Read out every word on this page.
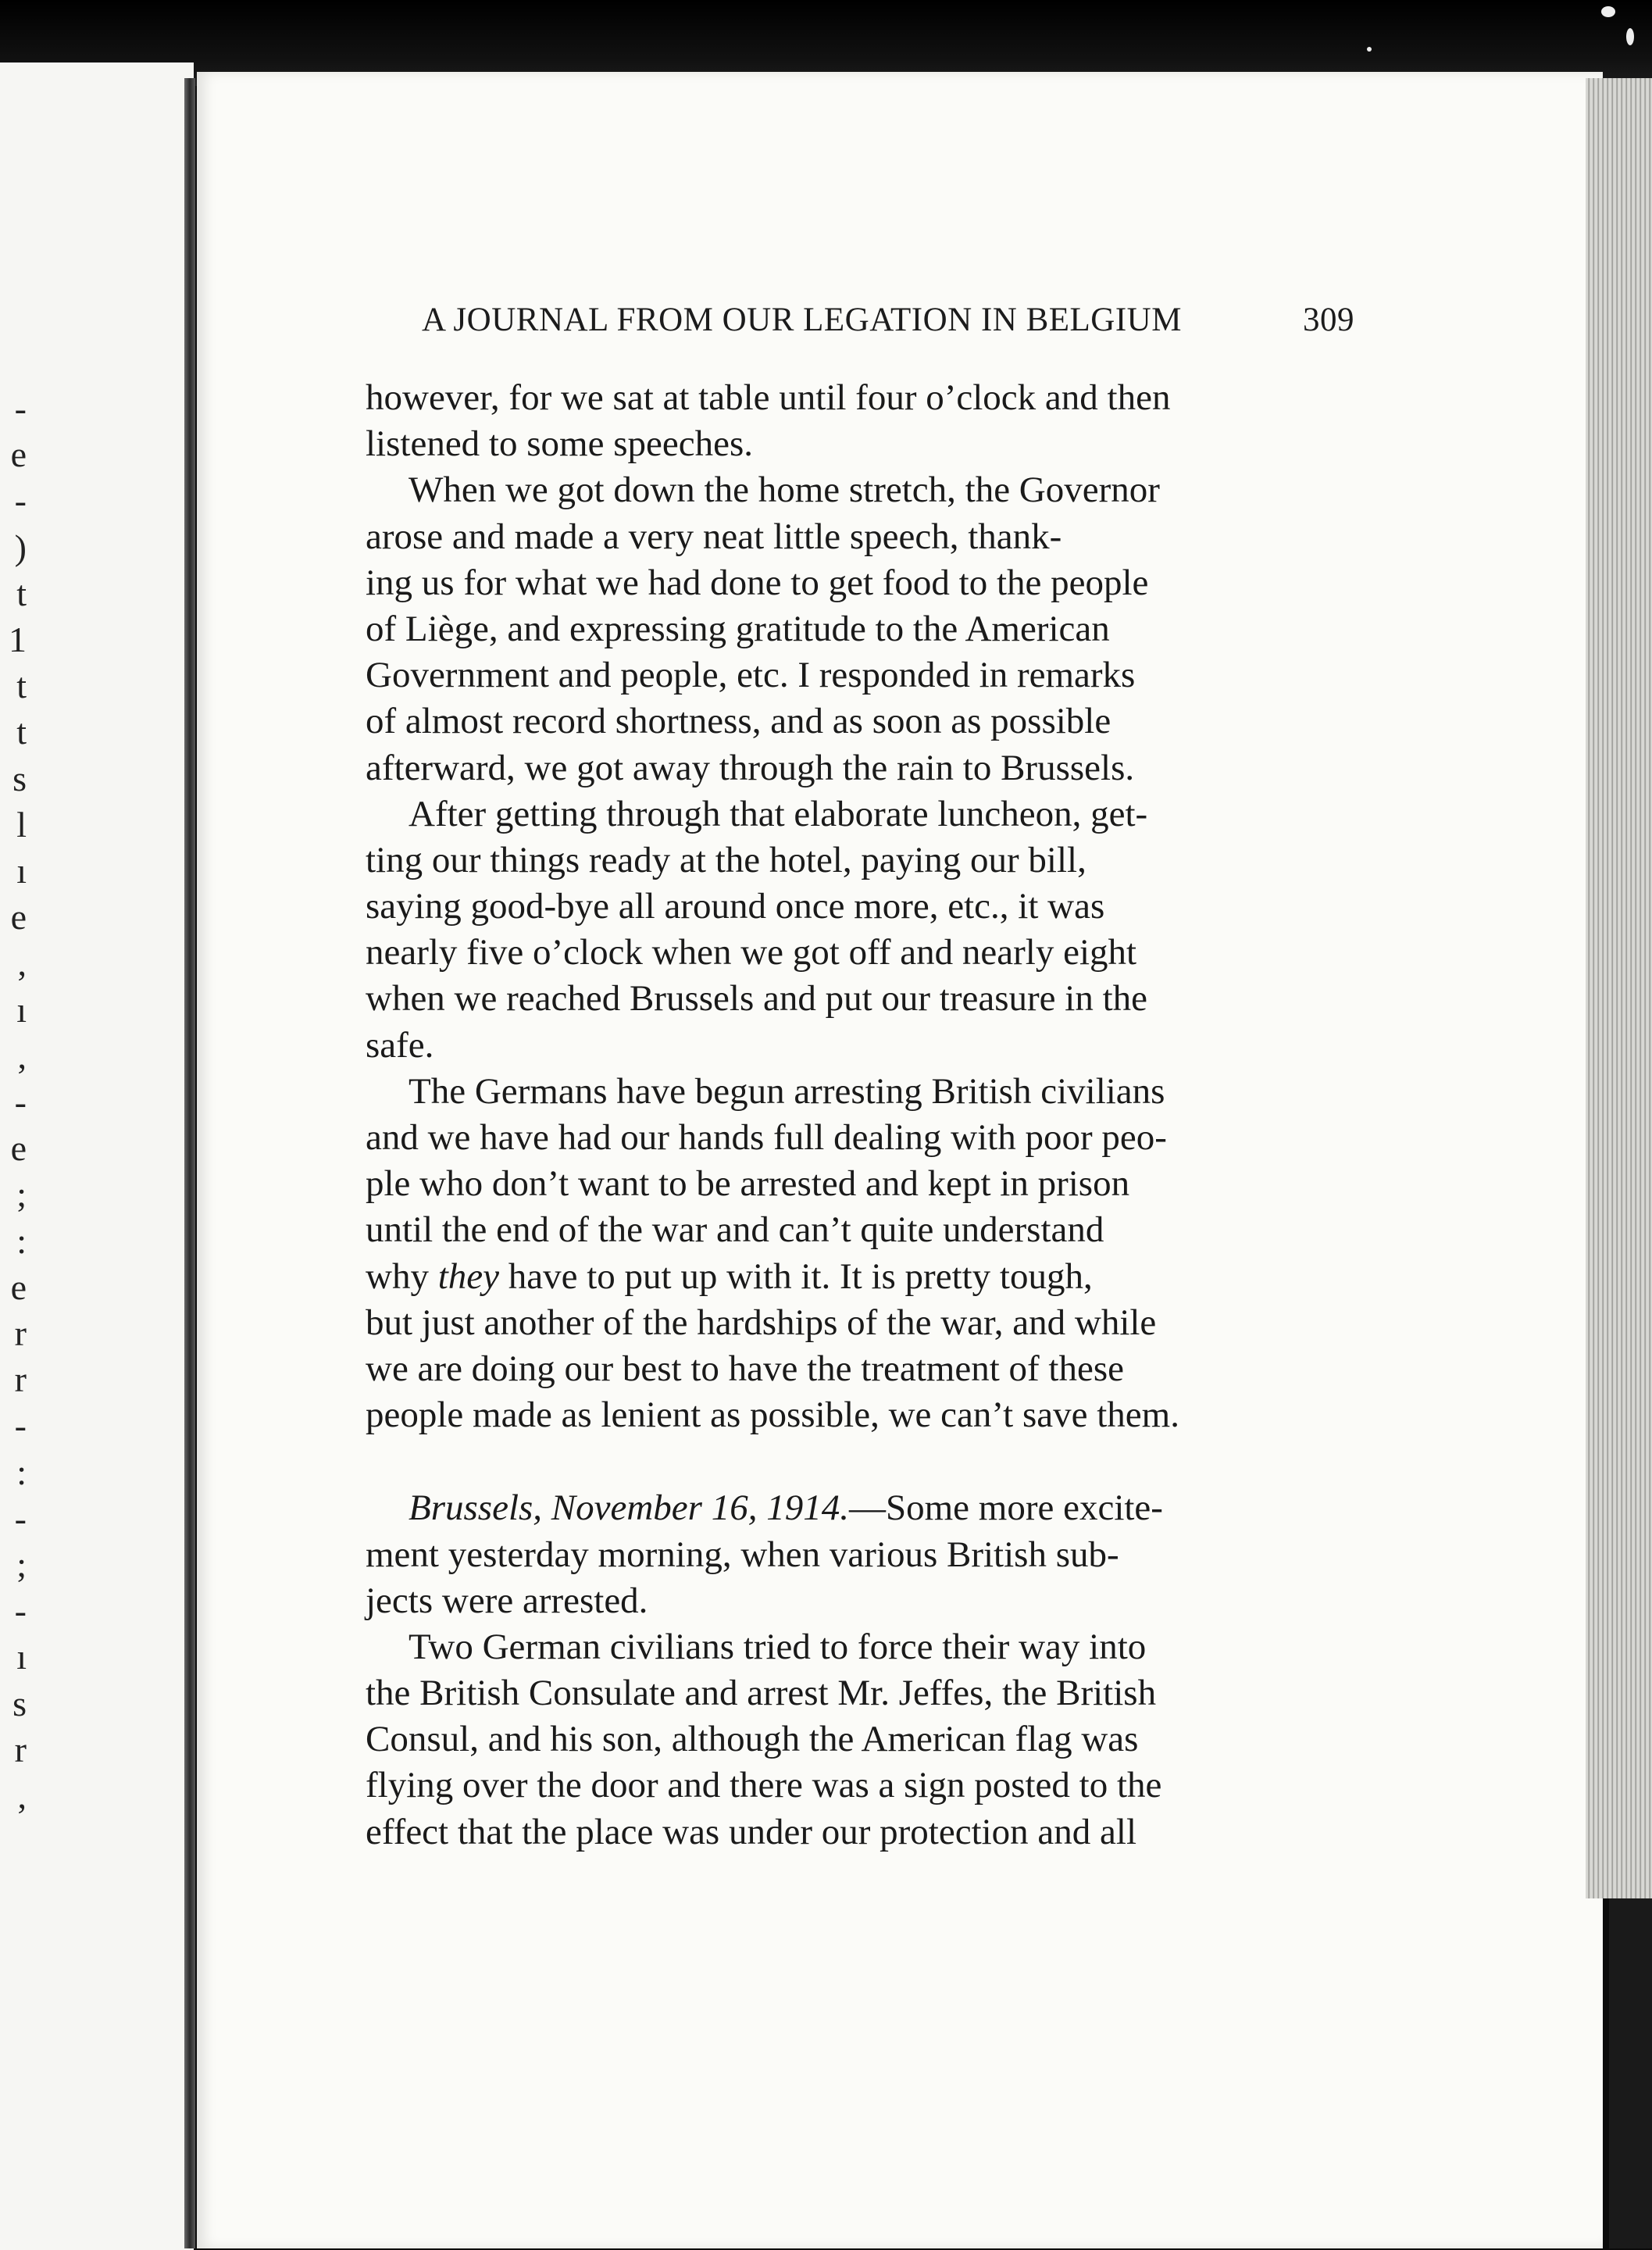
-
e
-
)
t
1
t
t
s
l
ı
e
,
ı
,
-
e
;
:
e
r
r
-
:
-
;
-
ı
s
r
,
A JOURNAL FROM OUR LEGATION IN BELGIUM	309
however, for we sat at table until four o’clock and then
listened to some speeches.
When we got down the home stretch, the Governor
arose and made a very neat little speech, thank-
ing us for what we had done to get food to the people
of Liège, and expressing gratitude to the American
Government and people, etc. I responded in remarks
of almost record shortness, and as soon as possible
afterward, we got away through the rain to Brussels.
After getting through that elaborate luncheon, get-
ting our things ready at the hotel, paying our bill,
saying good-bye all around once more, etc., it was
nearly five o’clock when we got off and nearly eight
when we reached Brussels and put our treasure in the
safe.
The Germans have begun arresting British civilians
and we have had our hands full dealing with poor peo-
ple who don’t want to be arrested and kept in prison
until the end of the war and can’t quite understand
why they have to put up with it. It is pretty tough,
but just another of the hardships of the war, and while
we are doing our best to have the treatment of these
people made as lenient as possible, we can’t save them.
Brussels, November 16, 1914.—Some more excite-
ment yesterday morning, when various British sub-
jects were arrested.
Two German civilians tried to force their way into
the British Consulate and arrest Mr. Jeffes, the British
Consul, and his son, although the American flag was
flying over the door and there was a sign posted to the
effect that the place was under our protection and all
